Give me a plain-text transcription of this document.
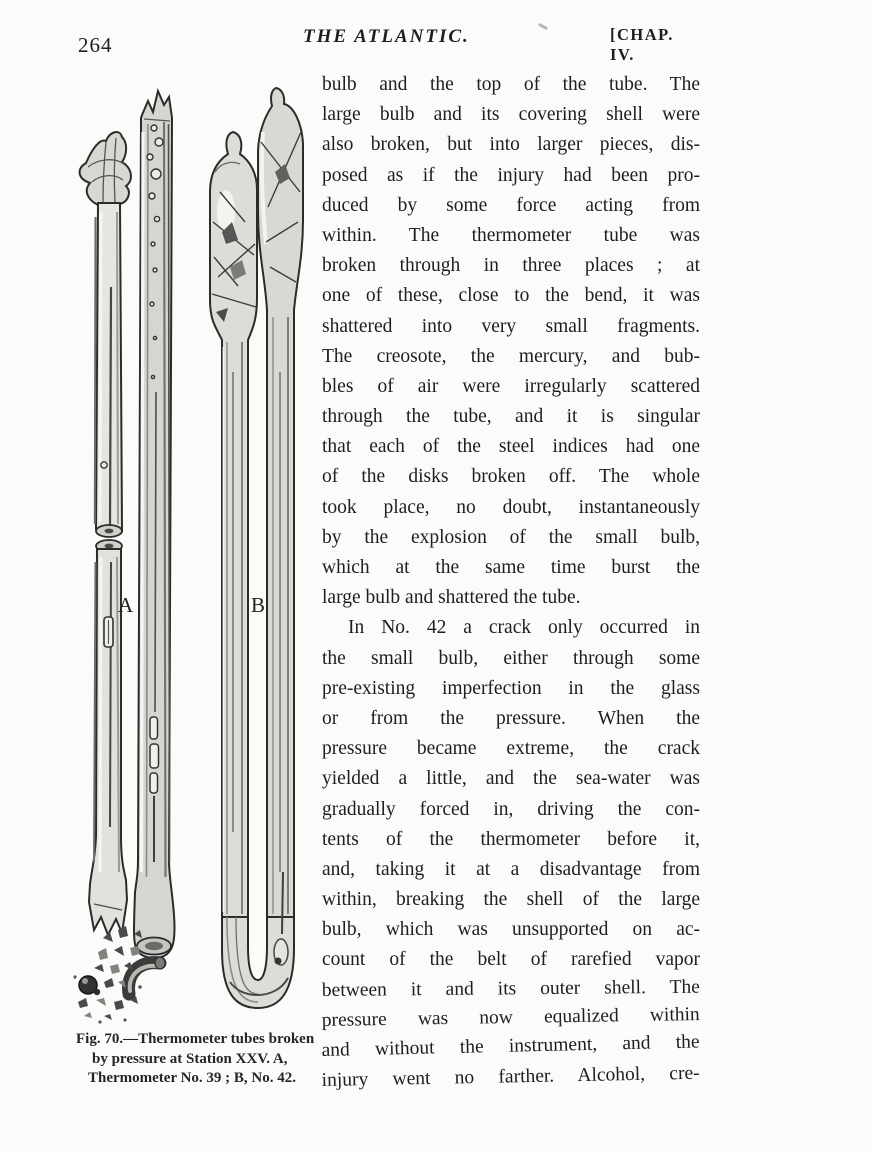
264	THE ATLANTIC.	[CHAP. IV.
A	B
Fig. 70.—Thermometer tubes broken
by pressure at Station XXV. A,
Thermometer No. 39 ; B, No. 42.
bulb and the top of the tube. The
large bulb and its covering shell were
also broken, but into larger pieces, dis-
posed as if the injury had been pro-
duced by some force acting from
within. The thermometer tube was
broken through in three places ; at
one of these, close to the bend, it was
shattered into very small fragments.
The creosote, the mercury, and bub-
bles of air were irregularly scattered
through the tube, and it is singular
that each of the steel indices had one
of the disks broken off. The whole
took place, no doubt, instantaneously
by the explosion of the small bulb,
which at the same time burst the
large bulb and shattered the tube.
In No. 42 a crack only occurred in
the small bulb, either through some
pre-existing imperfection in the glass
or from the pressure. When the
pressure became extreme, the crack
yielded a little, and the sea-water was
gradually forced in, driving the con-
tents of the thermometer before it,
and, taking it at a disadvantage from
within, breaking the shell of the large
bulb, which was unsupported on ac-
count of the belt of rarefied vapor
between it and its outer shell. The
pressure was now equalized within
and without the instrument, and the
injury went no farther. Alcohol, cre-
